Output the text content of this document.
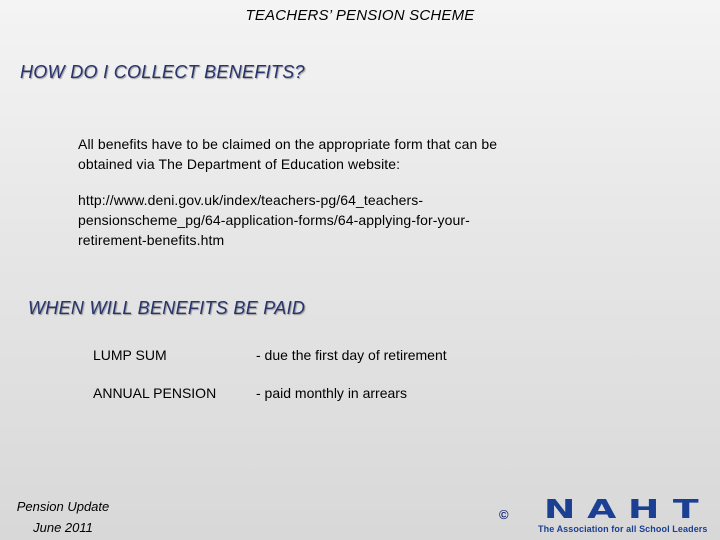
TEACHERS’ PENSION SCHEME
HOW DO I COLLECT BENEFITS?
All benefits have to be claimed on the appropriate form that can be
obtained via The Department of Education website:
http://www.deni.gov.uk/index/teachers-pg/64_teachers-
pensionscheme_pg/64-application-forms/64-applying-for-your-
retirement-benefits.htm
WHEN WILL BENEFITS BE PAID
LUMP SUM	- due the first day of retirement
ANNUAL PENSION	- paid monthly in arrears
Pension Update
June 2011
©	N A H T
The Association for all School Leaders
